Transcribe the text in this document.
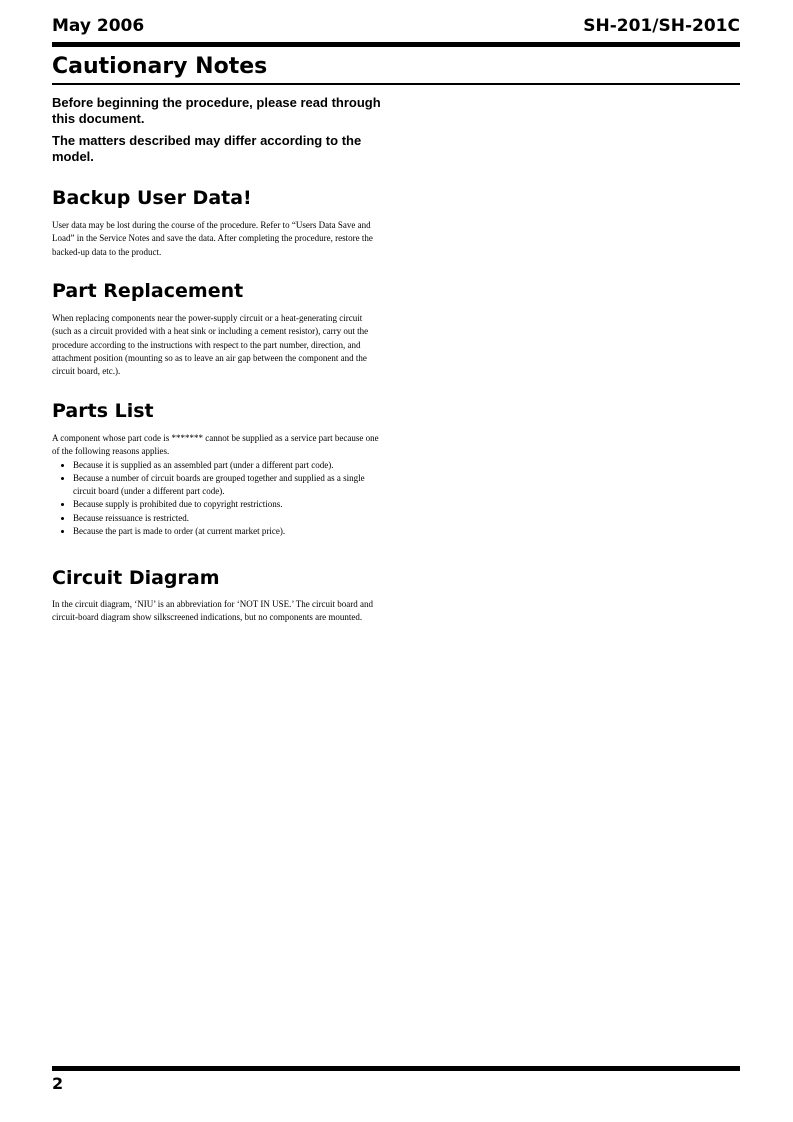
May 2006	SH-201/SH-201C
Cautionary Notes

Before beginning the procedure, please read through this document.

The matters described may differ according to the model.

Backup User Data!

User data may be lost during the course of the procedure. Refer to “Users Data Save and Load” in the Service Notes and save the data. After completing the procedure, restore the backed-up data to the product.

Part Replacement

When replacing components near the power-supply circuit or a heat-generating circuit (such as a circuit provided with a heat sink or including a cement resistor), carry out the procedure according to the instructions with respect to the part number, direction, and attachment position (mounting so as to leave an air gap between the component and the circuit board, etc.).

Parts List

A component whose part code is ******* cannot be supplied as a service part because one of the following reasons applies.

• Because it is supplied as an assembled part (under a different part code).
• Because a number of circuit boards are grouped together and supplied as a single circuit board (under a different part code).
• Because supply is prohibited due to copyright restrictions.
• Because reissuance is restricted.
• Because the part is made to order (at current market price).
Circuit Diagram

In the circuit diagram, ‘NIU’ is an abbreviation for ‘NOT IN USE.’ The circuit board and circuit-board diagram show silkscreened indications, but no components are mounted.

2
